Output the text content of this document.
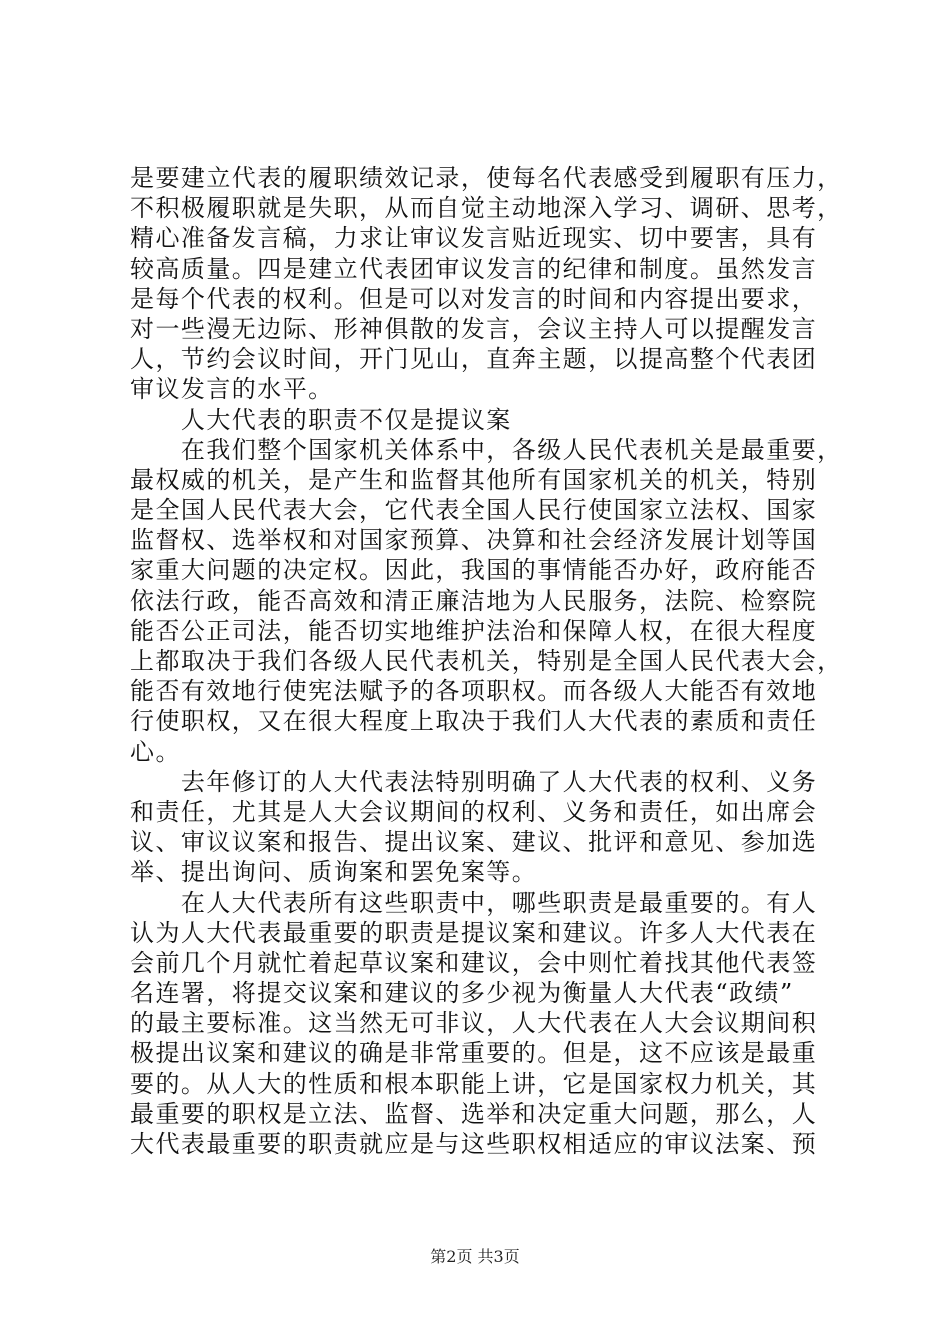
是要建立代表的履职绩效记录，使每名代表感受到履职有压力，
不积极履职就是失职，从而自觉主动地深入学习、调研、思考，
精心准备发言稿，力求让审议发言贴近现实、切中要害，具有
较高质量。四是建立代表团审议发言的纪律和制度。虽然发言
是每个代表的权利。但是可以对发言的时间和内容提出要求，
对一些漫无边际、形神俱散的发言，会议主持人可以提醒发言
人，节约会议时间，开门见山，直奔主题，以提高整个代表团
审议发言的水平。
　　人大代表的职责不仅是提议案
　　在我们整个国家机关体系中，各级人民代表机关是最重要，
最权威的机关，是产生和监督其他所有国家机关的机关，特别
是全国人民代表大会，它代表全国人民行使国家立法权、国家
监督权、选举权和对国家预算、决算和社会经济发展计划等国
家重大问题的决定权。因此，我国的事情能否办好，政府能否
依法行政，能否高效和清正廉洁地为人民服务，法院、检察院
能否公正司法，能否切实地维护法治和保障人权，在很大程度
上都取决于我们各级人民代表机关，特别是全国人民代表大会，
能否有效地行使宪法赋予的各项职权。而各级人大能否有效地
行使职权，又在很大程度上取决于我们人大代表的素质和责任
心。
　　去年修订的人大代表法特别明确了人大代表的权利、义务
和责任，尤其是人大会议期间的权利、义务和责任，如出席会
议、审议议案和报告、提出议案、建议、批评和意见、参加选
举、提出询问、质询案和罢免案等。
　　在人大代表所有这些职责中，哪些职责是最重要的。有人
认为人大代表最重要的职责是提议案和建议。许多人大代表在
会前几个月就忙着起草议案和建议，会中则忙着找其他代表签
名连署，将提交议案和建议的多少视为衡量人大代表“政绩”
的最主要标准。这当然无可非议，人大代表在人大会议期间积
极提出议案和建议的确是非常重要的。但是，这不应该是最重
要的。从人大的性质和根本职能上讲，它是国家权力机关，其
最重要的职权是立法、监督、选举和决定重大问题，那么，人
大代表最重要的职责就应是与这些职权相适应的审议法案、预
第2页 共3页
